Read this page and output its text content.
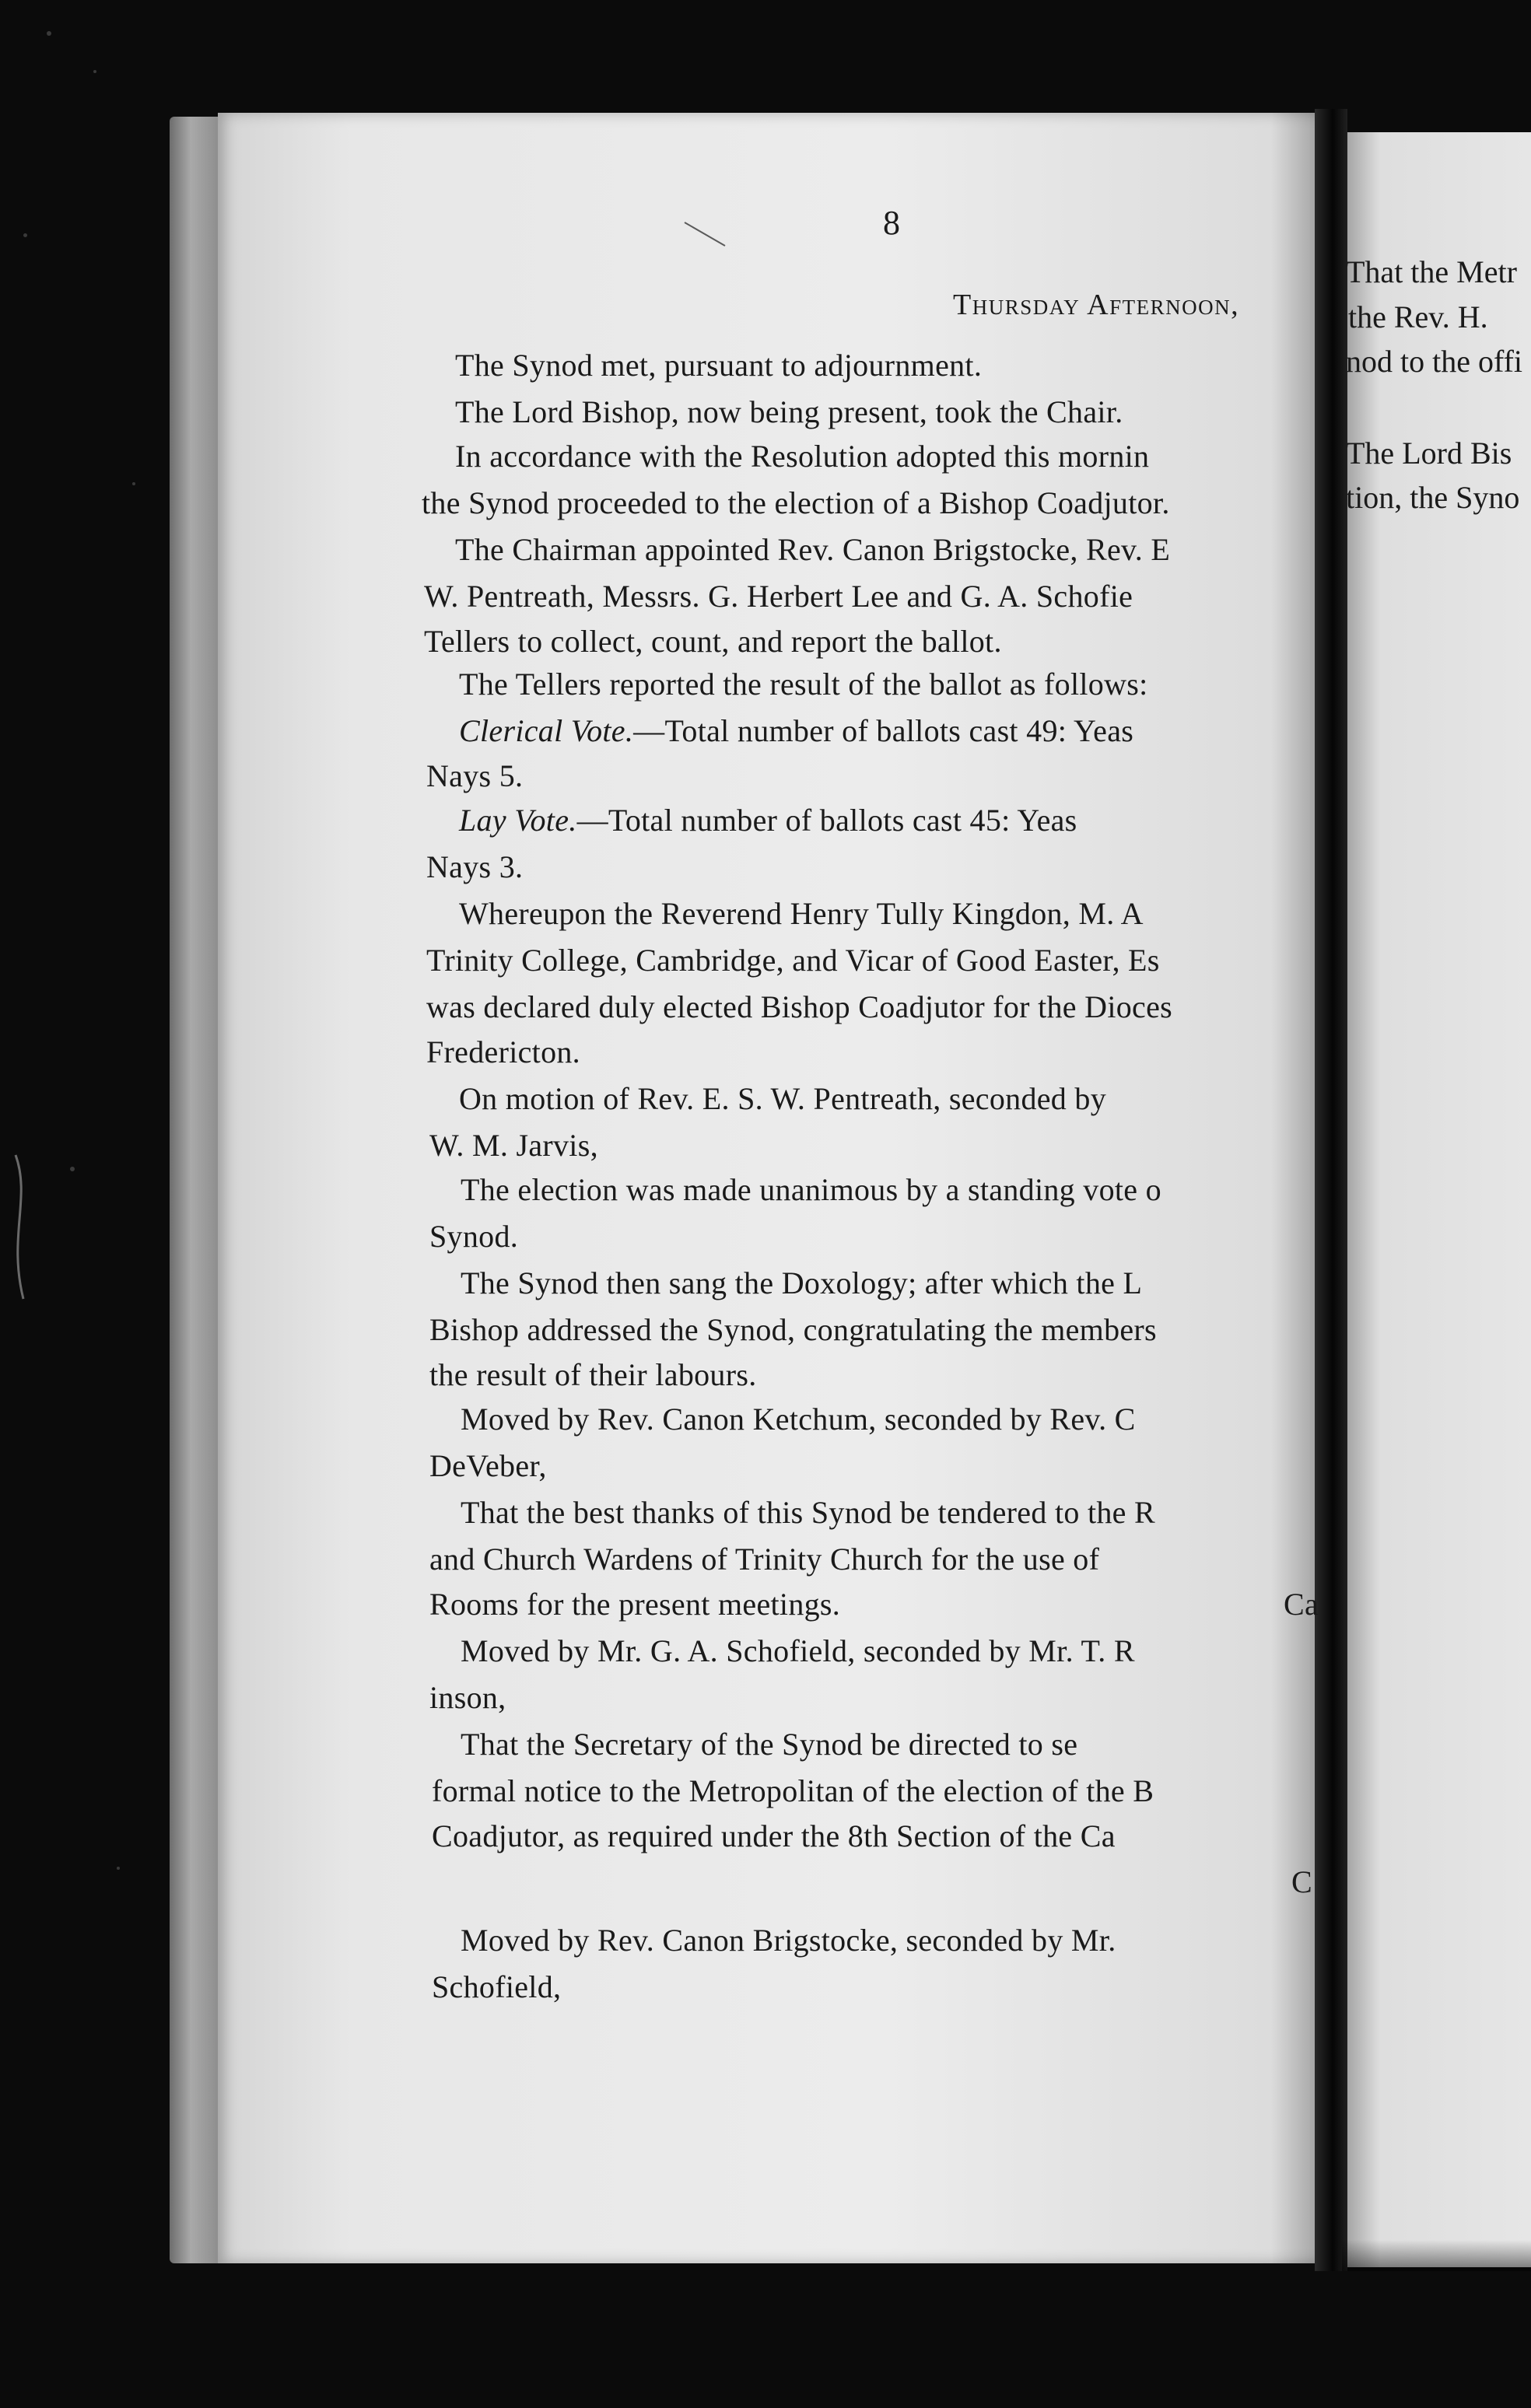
8
Thursday Afternoon,
The Synod met, pursuant to adjournment.
The Lord Bishop, now being present, took the Chair.
In accordance with the Resolution adopted this mornin
the Synod proceeded to the election of a Bishop Coadjutor.
The Chairman appointed Rev. Canon Brigstocke, Rev. E
W. Pentreath, Messrs. G. Herbert Lee and G. A. Schofie
Tellers to collect, count, and report the ballot.
The Tellers reported the result of the ballot as follows:
Clerical Vote.—Total number of ballots cast 49: Yeas
Nays 5.
Lay Vote.—Total number of ballots cast 45: Yeas
Nays 3.
Whereupon the Reverend Henry Tully Kingdon, M. A
Trinity College, Cambridge, and Vicar of Good Easter, Es
was declared duly elected Bishop Coadjutor for the Dioces
Fredericton.
On motion of Rev. E. S. W. Pentreath, seconded by
W. M. Jarvis,
The election was made unanimous by a standing vote o
Synod.
The Synod then sang the Doxology; after which the L
Bishop addressed the Synod, congratulating the members
the result of their labours.
Moved by Rev. Canon Ketchum, seconded by Rev. C
DeVeber,
That the best thanks of this Synod be tendered to the R
and Church Wardens of Trinity Church for the use of
Rooms for the present meetings.	Ca
Moved by Mr. G. A. Schofield, seconded by Mr. T. R
inson,
That the Secretary of the Synod be directed to se
formal notice to the Metropolitan of the election of the B
Coadjutor, as required under the 8th Section of the Ca
C
Moved by Rev. Canon Brigstocke, seconded by Mr.
Schofield,
That the Metr
the Rev. H.
nod to the offi
The Lord Bis
tion, the Syno
